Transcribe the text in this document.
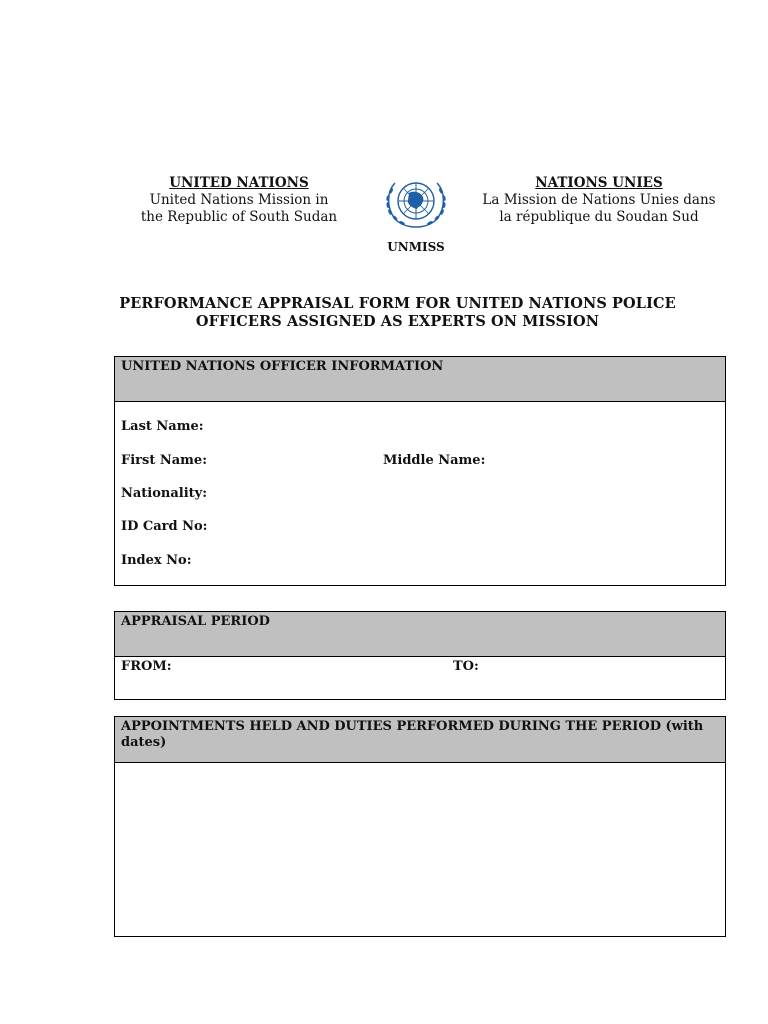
UNITED NATIONS
United Nations Mission in
the Republic of South Sudan
NATIONS UNIES
La Mission de Nations Unies dans
la république du Soudan Sud
UNMISS
PERFORMANCE APPRAISAL FORM FOR UNITED NATIONS POLICE
OFFICERS ASSIGNED AS EXPERTS ON MISSION
UNITED NATIONS OFFICER INFORMATION
Last Name:
First Name:	Middle Name:
Nationality:
ID Card No:
Index No:
APPRAISAL PERIOD
FROM:	TO:
APPOINTMENTS HELD AND DUTIES PERFORMED DURING THE PERIOD (with dates)
